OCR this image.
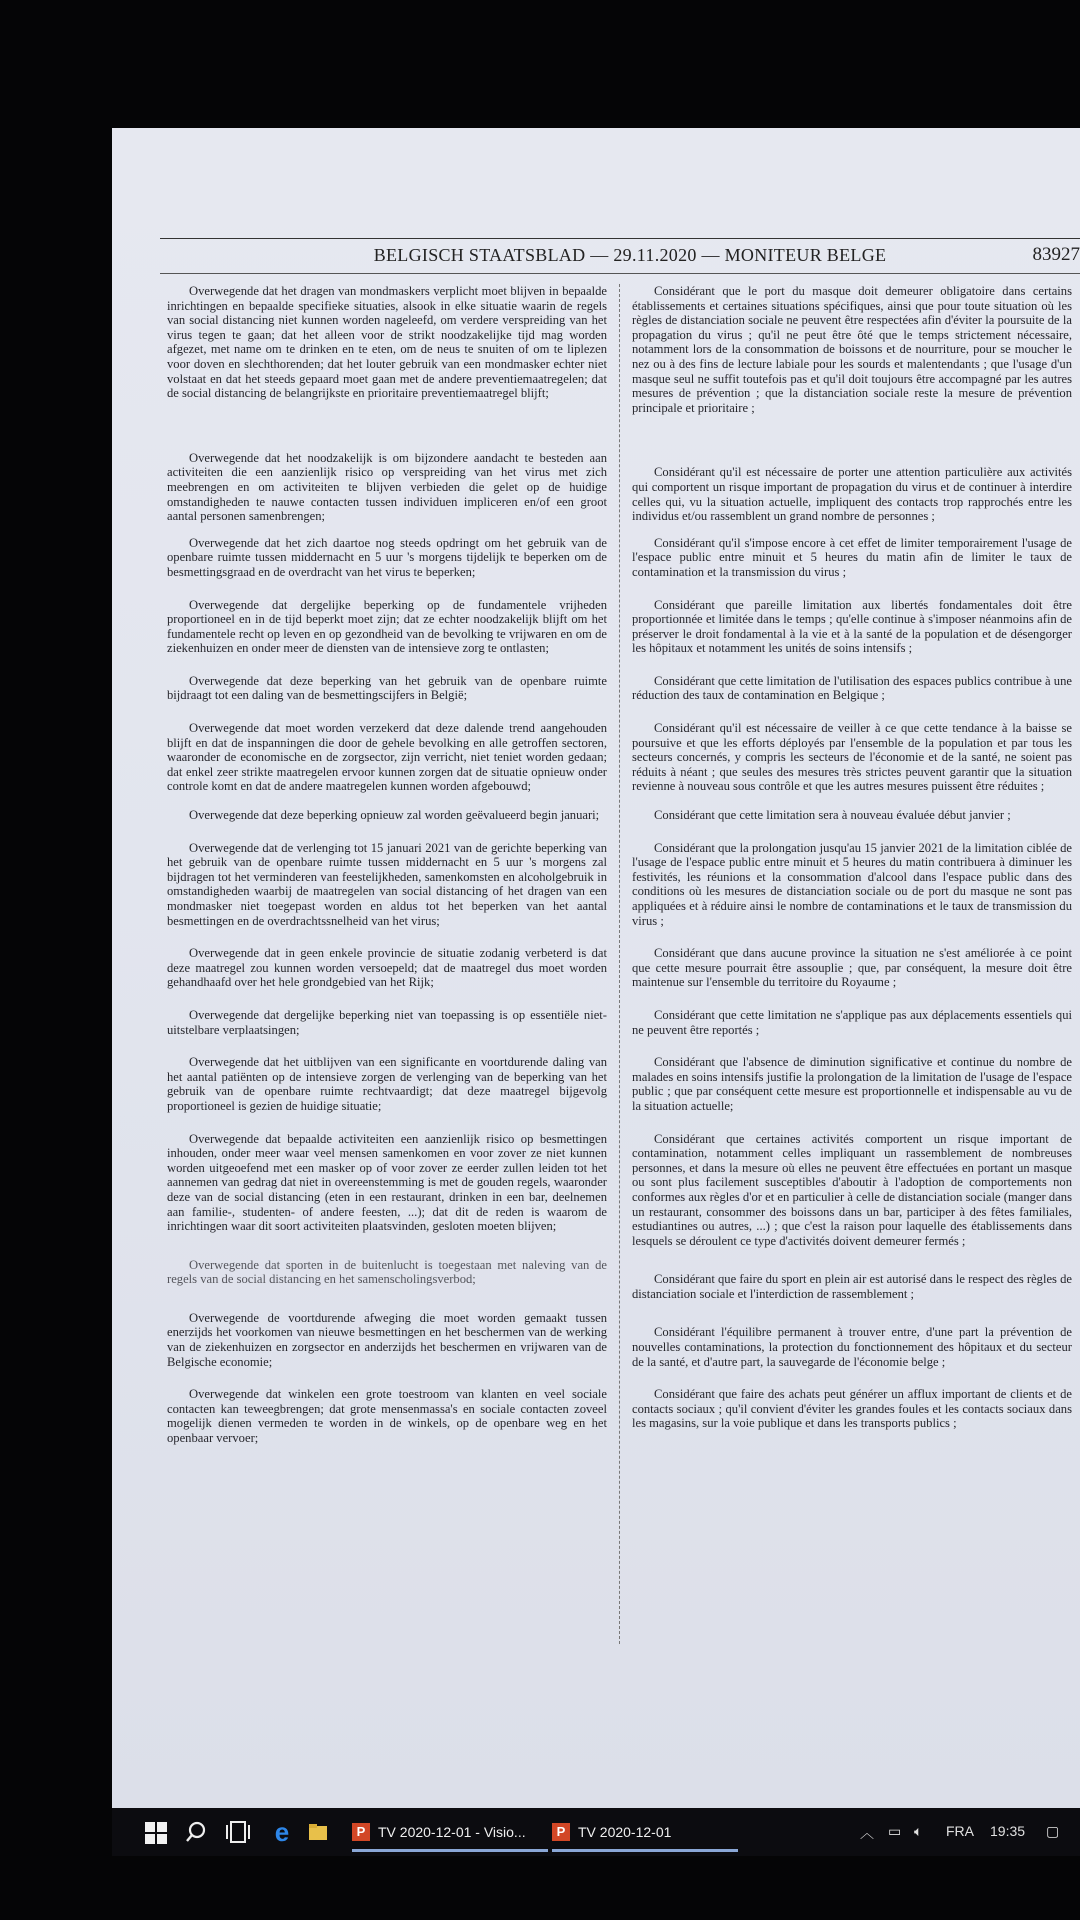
BELGISCH STAATSBLAD — 29.11.2020 — MONITEUR BELGE	83927

Overwegende dat het dragen van mondmaskers verplicht moet blijven in bepaalde inrichtingen en bepaalde specifieke situaties, alsook in elke situatie waarin de regels van social distancing niet kunnen worden nageleefd, om verdere verspreiding van het virus tegen te gaan; dat het alleen voor de strikt noodzakelijke tijd mag worden afgezet, met name om te drinken en te eten, om de neus te snuiten of om te liplezen voor doven en slechthorenden; dat het louter gebruik van een mondmasker echter niet volstaat en dat het steeds gepaard moet gaan met de andere preventiemaatregelen; dat de social distancing de belangrijkste en prioritaire preventiemaatregel blijft;

Overwegende dat het noodzakelijk is om bijzondere aandacht te besteden aan activiteiten die een aanzienlijk risico op verspreiding van het virus met zich meebrengen en om activiteiten te blijven verbieden die gelet op de huidige omstandigheden te nauwe contacten tussen individuen impliceren en/of een groot aantal personen samenbrengen;

Overwegende dat het zich daartoe nog steeds opdringt om het gebruik van de openbare ruimte tussen middernacht en 5 uur 's morgens tijdelijk te beperken om de besmettingsgraad en de overdracht van het virus te beperken;

Overwegende dat dergelijke beperking op de fundamentele vrijheden proportioneel en in de tijd beperkt moet zijn; dat ze echter noodzakelijk blijft om het fundamentele recht op leven en op gezondheid van de bevolking te vrijwaren en om de ziekenhuizen en onder meer de diensten van de intensieve zorg te ontlasten;

Overwegende dat deze beperking van het gebruik van de openbare ruimte bijdraagt tot een daling van de besmettingscijfers in België;

Overwegende dat moet worden verzekerd dat deze dalende trend aangehouden blijft en dat de inspanningen die door de gehele bevolking en alle getroffen sectoren, waaronder de economische en de zorgsector, zijn verricht, niet teniet worden gedaan; dat enkel zeer strikte maatregelen ervoor kunnen zorgen dat de situatie opnieuw onder controle komt en dat de andere maatregelen kunnen worden afgebouwd;

Overwegende dat deze beperking opnieuw zal worden geëvalueerd begin januari;

Overwegende dat de verlenging tot 15 januari 2021 van de gerichte beperking van het gebruik van de openbare ruimte tussen middernacht en 5 uur 's morgens zal bijdragen tot het verminderen van feestelijkheden, samenkomsten en alcoholgebruik in omstandigheden waarbij de maatregelen van social distancing of het dragen van een mondmasker niet toegepast worden en aldus tot het beperken van het aantal besmettingen en de overdrachtssnelheid van het virus;

Overwegende dat in geen enkele provincie de situatie zodanig verbeterd is dat deze maatregel zou kunnen worden versoepeld; dat de maatregel dus moet worden gehandhaafd over het hele grondgebied van het Rijk;

Overwegende dat dergelijke beperking niet van toepassing is op essentiële niet-uitstelbare verplaatsingen;

Overwegende dat het uitblijven van een significante en voortdurende daling van het aantal patiënten op de intensieve zorgen de verlenging van de beperking van het gebruik van de openbare ruimte rechtvaardigt; dat deze maatregel bijgevolg proportioneel is gezien de huidige situatie;

Overwegende dat bepaalde activiteiten een aanzienlijk risico op besmettingen inhouden, onder meer waar veel mensen samenkomen en voor zover ze niet kunnen worden uitgeoefend met een masker op of voor zover ze eerder zullen leiden tot het aannemen van gedrag dat niet in overeenstemming is met de gouden regels, waaronder deze van de social distancing (eten in een restaurant, drinken in een bar, deelnemen aan familie-, studenten- of andere feesten, ...); dat dit de reden is waarom de inrichtingen waar dit soort activiteiten plaatsvinden, gesloten moeten blijven;

Overwegende dat sporten in de buitenlucht is toegestaan met naleving van de regels van de social distancing en het samenscholingsverbod;

Overwegende de voortdurende afweging die moet worden gemaakt tussen enerzijds het voorkomen van nieuwe besmettingen en het beschermen van de werking van de ziekenhuizen en zorgsector en anderzijds het beschermen en vrijwaren van de Belgische economie;

Overwegende dat winkelen een grote toestroom van klanten en veel sociale contacten kan teweegbrengen; dat grote mensenmassa's en sociale contacten zoveel mogelijk dienen vermeden te worden in de winkels, op de openbare weg en het openbaar vervoer;

Considérant que le port du masque doit demeurer obligatoire dans certains établissements et certaines situations spécifiques, ainsi que pour toute situation où les règles de distanciation sociale ne peuvent être respectées afin d'éviter la poursuite de la propagation du virus ; qu'il ne peut être ôté que le temps strictement nécessaire, notamment lors de la consommation de boissons et de nourriture, pour se moucher le nez ou à des fins de lecture labiale pour les sourds et malentendants ; que l'usage d'un masque seul ne suffit toutefois pas et qu'il doit toujours être accompagné par les autres mesures de prévention ; que la distanciation sociale reste la mesure de prévention principale et prioritaire ;

Considérant qu'il est nécessaire de porter une attention particulière aux activités qui comportent un risque important de propagation du virus et de continuer à interdire celles qui, vu la situation actuelle, impliquent des contacts trop rapprochés entre les individus et/ou rassemblent un grand nombre de personnes ;

Considérant qu'il s'impose encore à cet effet de limiter temporairement l'usage de l'espace public entre minuit et 5 heures du matin afin de limiter le taux de contamination et la transmission du virus ;

Considérant que pareille limitation aux libertés fondamentales doit être proportionnée et limitée dans le temps ; qu'elle continue à s'imposer néanmoins afin de préserver le droit fondamental à la vie et à la santé de la population et de désengorger les hôpitaux et notamment les unités de soins intensifs ;

Considérant que cette limitation de l'utilisation des espaces publics contribue à une réduction des taux de contamination en Belgique ;

Considérant qu'il est nécessaire de veiller à ce que cette tendance à la baisse se poursuive et que les efforts déployés par l'ensemble de la population et par tous les secteurs concernés, y compris les secteurs de l'économie et de la santé, ne soient pas réduits à néant ; que seules des mesures très strictes peuvent garantir que la situation revienne à nouveau sous contrôle et que les autres mesures puissent être réduites ;

Considérant que cette limitation sera à nouveau évaluée début janvier ;

Considérant que la prolongation jusqu'au 15 janvier 2021 de la limitation ciblée de l'usage de l'espace public entre minuit et 5 heures du matin contribuera à diminuer les festivités, les réunions et la consommation d'alcool dans l'espace public dans des conditions où les mesures de distanciation sociale ou de port du masque ne sont pas appliquées et à réduire ainsi le nombre de contaminations et le taux de transmission du virus ;

Considérant que dans aucune province la situation ne s'est améliorée à ce point que cette mesure pourrait être assouplie ; que, par conséquent, la mesure doit être maintenue sur l'ensemble du territoire du Royaume ;

Considérant que cette limitation ne s'applique pas aux déplacements essentiels qui ne peuvent être reportés ;

Considérant que l'absence de diminution significative et continue du nombre de malades en soins intensifs justifie la prolongation de la limitation de l'usage de l'espace public ; que par conséquent cette mesure est proportionnelle et indispensable au vu de la situation actuelle;

Considérant que certaines activités comportent un risque important de contamination, notamment celles impliquant un rassemblement de nombreuses personnes, et dans la mesure où elles ne peuvent être effectuées en portant un masque ou sont plus facilement susceptibles d'aboutir à l'adoption de comportements non conformes aux règles d'or et en particulier à celle de distanciation sociale (manger dans un restaurant, consommer des boissons dans un bar, participer à des fêtes familiales, estudiantines ou autres, ...) ; que c'est la raison pour laquelle des établissements dans lesquels se déroulent ce type d'activités doivent demeurer fermés ;

Considérant que faire du sport en plein air est autorisé dans le respect des règles de distanciation sociale et l'interdiction de rassemblement ;

Considérant l'équilibre permanent à trouver entre, d'une part la prévention de nouvelles contaminations, la protection du fonctionnement des hôpitaux et du secteur de la santé, et d'autre part, la sauvegarde de l'économie belge ;

Considérant que faire des achats peut générer un afflux important de clients et de contacts sociaux ; qu'il convient d'éviter les grandes foules et les contacts sociaux dans les magasins, sur la voie publique et dans les transports publics ;

e	P TV 2020-12-01 - Visio...	P TV 2020-12-01	︿ ▭ 🔈︎ FRA 19:35 ▢
